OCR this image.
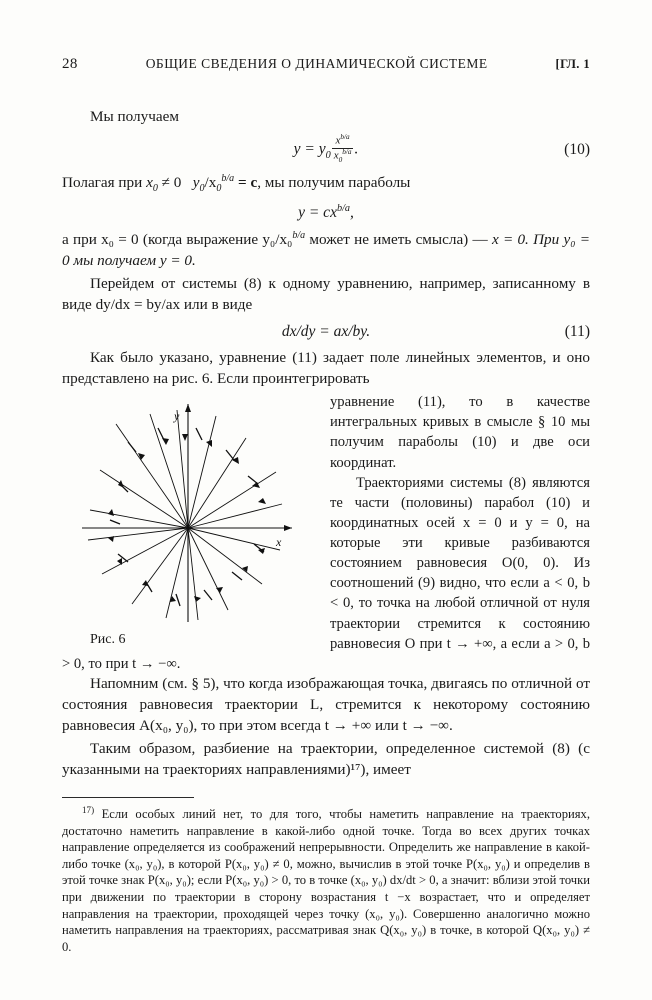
28	ОБЩИЕ СВЕДЕНИЯ О ДИНАМИЧЕСКОЙ СИСТЕМЕ	[ГЛ. 1

Мы получаем

$y = y_0 \frac{x^{b/a}}{x_0^{b/a}}$ .	(10)

Полагая при $x_0 \ne 0$ $y_0/x_0^{b/a} = c$, мы получим параболы

$y = cx^{b/a}$,

а при x₀ = 0 (когда выражение y₀/x₀$^{b/a}$ может не иметь смысла) — x = 0. При y₀ = 0 мы получаем y = 0.

Перейдем от системы (8) к одному уравнению, например, записанному в виде dy/dx = by/ax или в виде

dx/dy = ax/by.	(11)

Как было указано, уравнение (11) задает поле линейных элементов, и оно представлено на рис. 6. Если проинтегрировать

y
x
Рис. 6

уравнение (11), то в качестве интегральных кривых в смысле § 10 мы получим параболы (10) и две оси координат.

Траекториями системы (8) являются те части (половины) парабол (10) и координатных осей x = 0 и y = 0, на которые эти кривые разбиваются состоянием равновесия O(0, 0). Из соотношений (9) видно, что если a < 0, b < 0, то точка на любой отличной от нуля траектории стремится к состоянию равновесия O при t → +∞, а если a > 0, b > 0, то при t → −∞.

Напомним (см. § 5), что когда изображающая точка, двигаясь по отличной от состояния равновесия траектории L, стремится к некоторому состоянию равновесия A(x₀, y₀), то при этом всегда t → +∞ или t → −∞.

Таким образом, разбиение на траектории, определенное системой (8) (с указанными на траекториях направлениями)¹⁷), имеет

$^{17)}$ Если особых линий нет, то для того, чтобы наметить направление на траекториях, достаточно наметить направление в какой-либо одной точке. Тогда во всех других точках направление определяется из соображений непрерывности. Определить же направление в какой-либо точке (x₀, y₀), в которой P(x₀, y₀) ≠ 0, можно, вычислив в этой точке P(x₀, y₀) и определив в этой точке знак P(x₀, y₀); если P(x₀, y₀) > 0, то в точке (x₀, y₀) dx/dt > 0, а значит: вблизи этой точки при движении по траектории в сторону возрастания t −x возрастает, что и определяет направления на траектории, проходящей через точку (x₀, y₀). Совершенно аналогично можно наметить направления на траекториях, рассматривая знак Q(x₀, y₀) в точке, в которой Q(x₀, y₀) ≠ 0.
